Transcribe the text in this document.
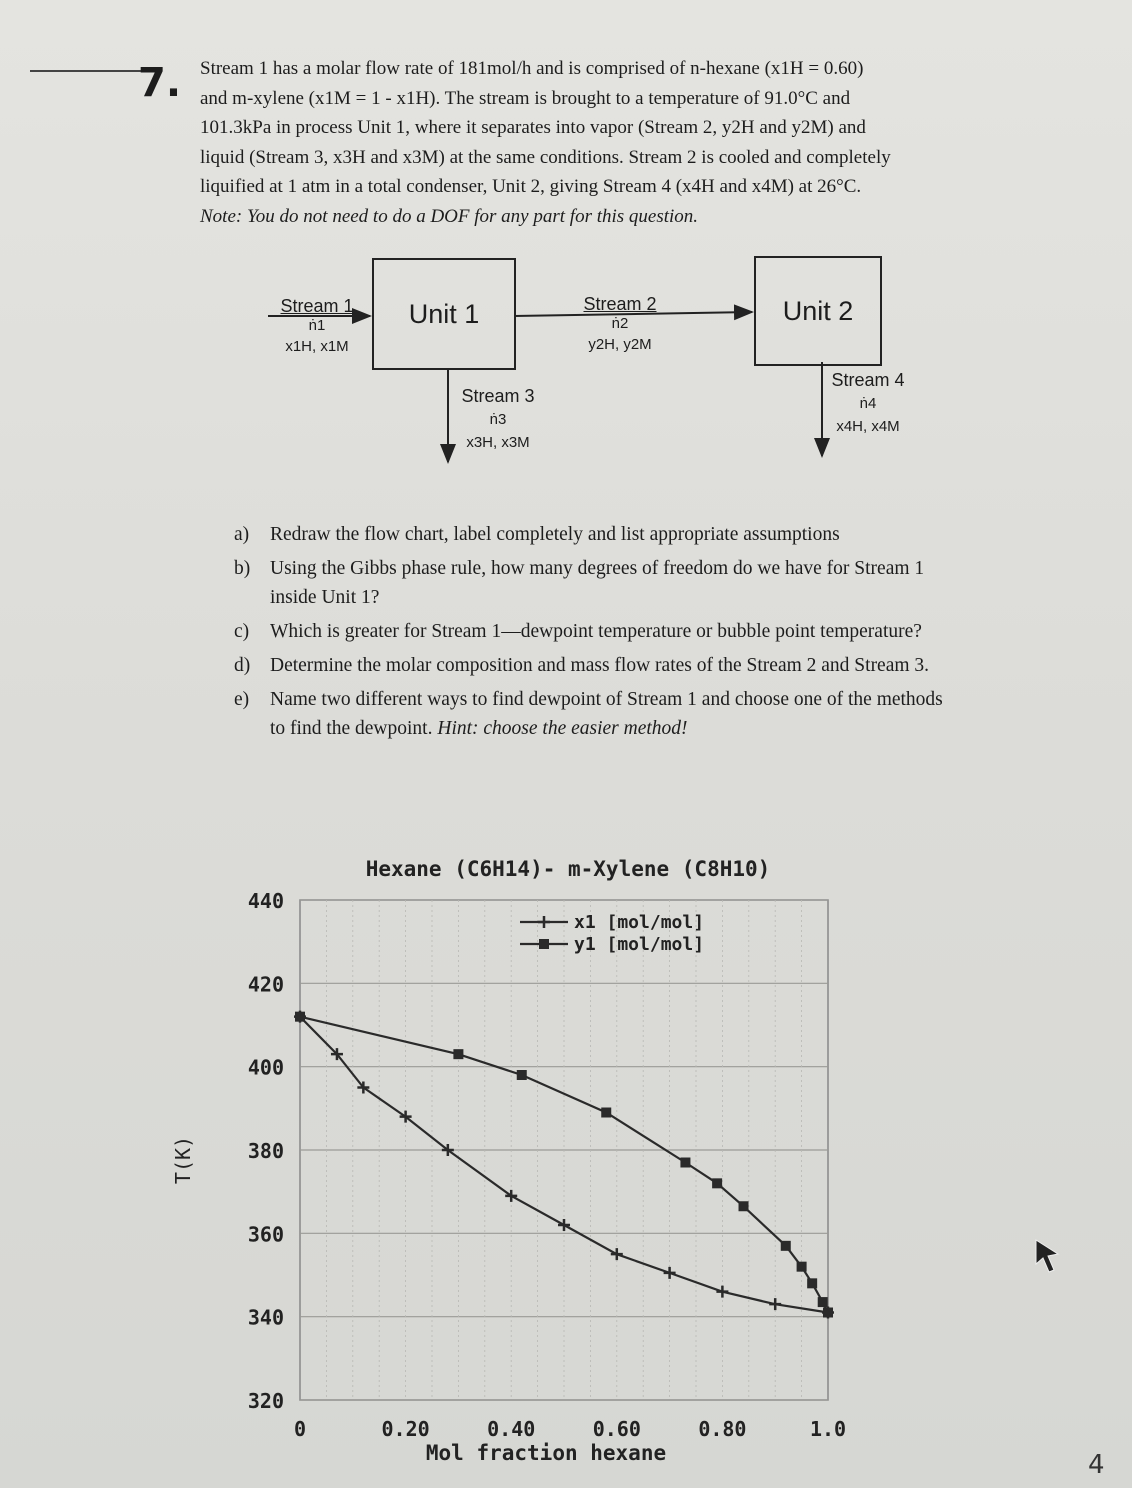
7. Stream 1 has a molar flow rate of 181mol/h and is comprised of n-hexane (x1H = 0.60)
and m-xylene (x1M = 1 - x1H). The stream is brought to a temperature of 91.0°C and
101.3kPa in process Unit 1, where it separates into vapor (Stream 2, y2H and y2M) and
liquid (Stream 3, x3H and x3M) at the same conditions. Stream 2 is cooled and completely
liquified at 1 atm in a total condenser, Unit 2, giving Stream 4 (x4H and x4M) at 26°C.
Note: You do not need to do a DOF for any part for this question.
Unit 1	Unit 2
Stream 1
ṅ1
x1H, x1M
Stream 2
ṅ2
y2H, y2M
Stream 3
ṅ3
x3H, x3M
Stream 4
ṅ4
x4H, x4M
a) Redraw the flow chart, label completely and list appropriate assumptions
b) Using the Gibbs phase rule, how many degrees of freedom do we have for Stream 1 inside Unit 1?
c) Which is greater for Stream 1—dewpoint temperature or bubble point temperature?
d) Determine the molar composition and mass flow rates of the Stream 2 and Stream 3.
e) Name two different ways to find dewpoint of Stream 1 and choose one of the methods to find the dewpoint. Hint: choose the easier method!
Hexane (C6H14)- m-Xylene (C8H10)
440
420
400
380
360
340
320
0	0.20	0.40	0.60	0.80	1.0
Mol fraction hexane
T(K)
x1 [mol/mol]
y1 [mol/mol]
4
